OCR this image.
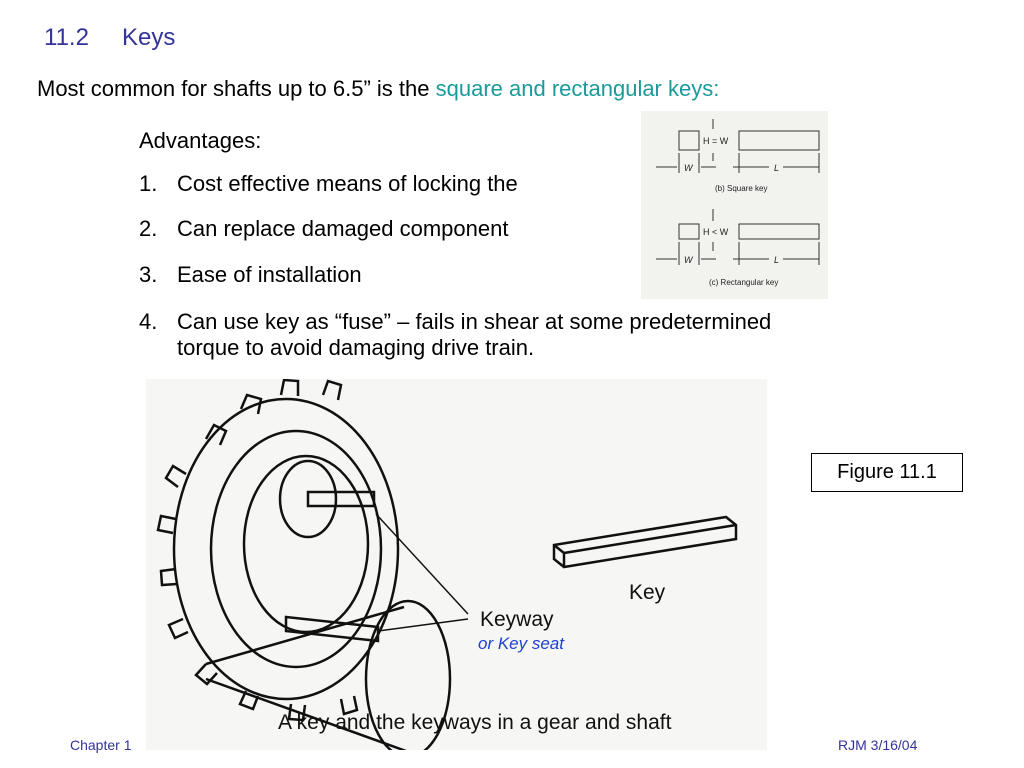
11.2 Keys
Most common for shafts up to 6.5” is the square and rectangular keys:
Advantages:
1. Cost effective means of locking the
2. Can replace damaged component
3. Ease of installation
4. Can use key as “fuse” – fails in shear at some predetermined
torque to avoid damaging drive train.
H = W
W	L
(b) Square key
H < W
W	L
(c) Rectangular key
Key
Keyway
or Key seat
A key and the keyways in a gear and shaft
Figure 11.1
Chapter 1	RJM 3/16/04
